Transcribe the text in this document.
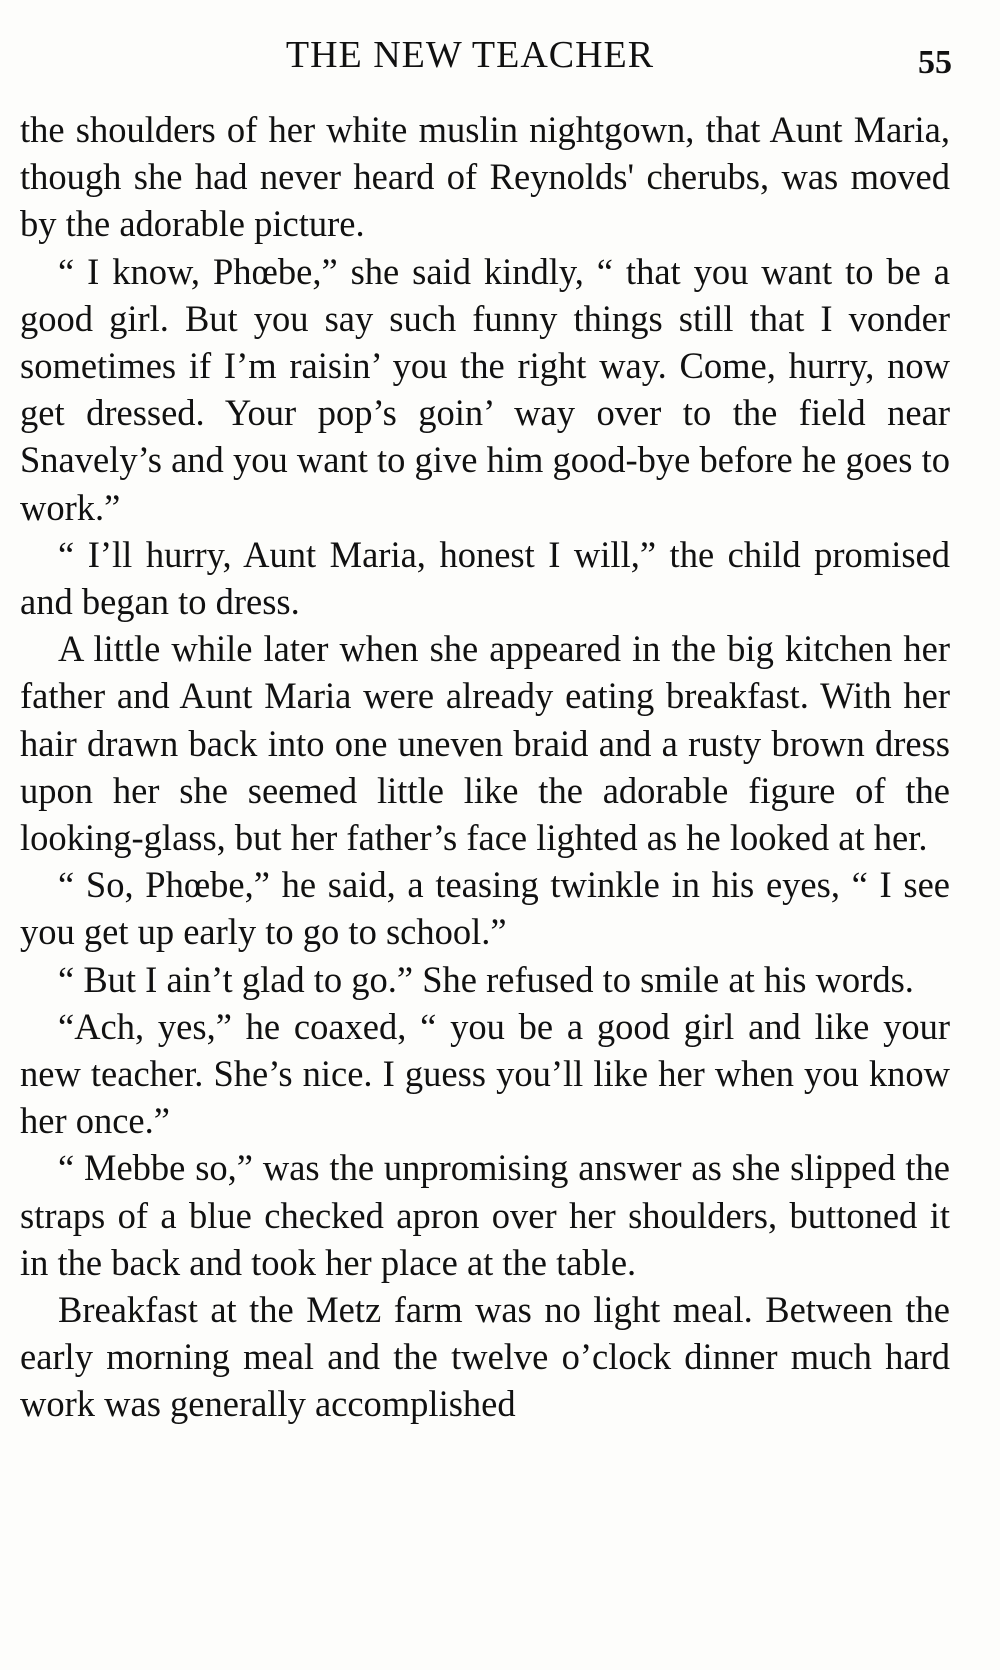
THE NEW TEACHER	55

the shoulders of her white muslin nightgown, that Aunt Maria, though she had never heard of Reynolds' cherubs, was moved by the adorable picture.

“ I know, Phœbe,” she said kindly, “ that you want to be a good girl. But you say such funny things still that I vonder sometimes if I’m raisin’ you the right way. Come, hurry, now get dressed. Your pop’s goin’ way over to the field near Snavely’s and you want to give him good-bye before he goes to work.”

“ I’ll hurry, Aunt Maria, honest I will,” the child promised and began to dress.

A little while later when she appeared in the big kitchen her father and Aunt Maria were already eating breakfast. With her hair drawn back into one uneven braid and a rusty brown dress upon her she seemed little like the adorable figure of the looking-glass, but her father’s face lighted as he looked at her.

“ So, Phœbe,” he said, a teasing twinkle in his eyes, “ I see you get up early to go to school.”

“ But I ain’t glad to go.” She refused to smile at his words.

“Ach, yes,” he coaxed, “ you be a good girl and like your new teacher. She’s nice. I guess you’ll like her when you know her once.”

“ Mebbe so,” was the unpromising answer as she slipped the straps of a blue checked apron over her shoulders, buttoned it in the back and took her place at the table.

Breakfast at the Metz farm was no light meal. Between the early morning meal and the twelve o’clock dinner much hard work was generally accomplished
